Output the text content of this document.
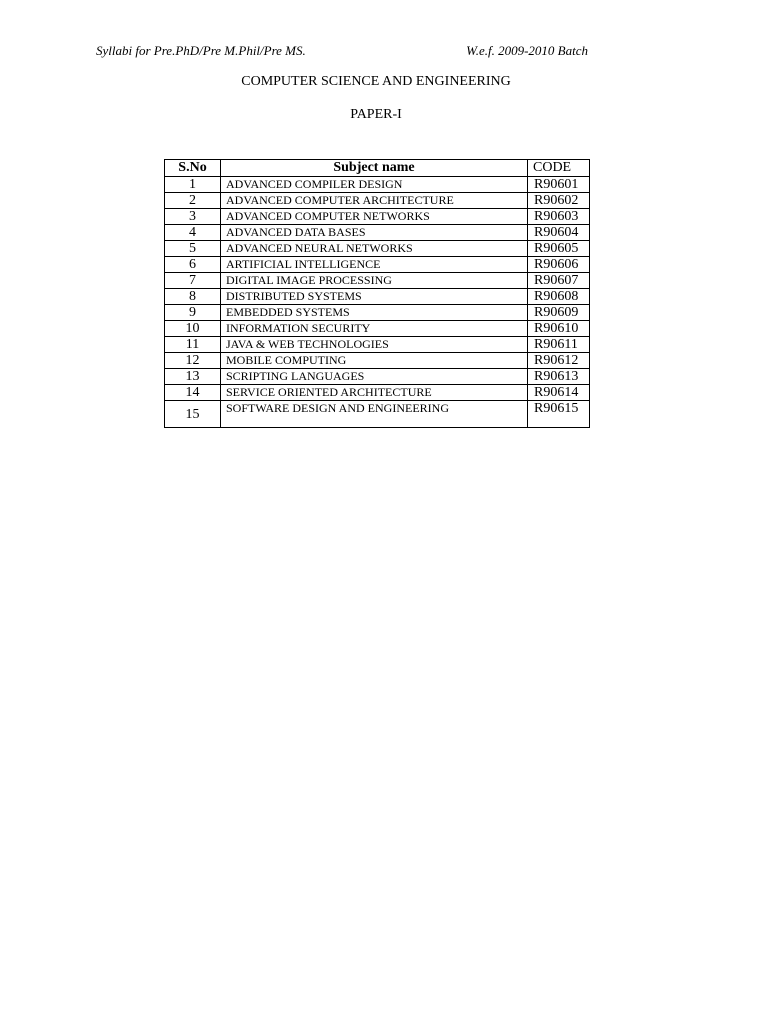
Syllabi for Pre.PhD/Pre M.Phil/Pre MS.	W.e.f. 2009-2010 Batch
COMPUTER SCIENCE AND ENGINEERING
PAPER-I
S.No	Subject name	CODE
1	ADVANCED COMPILER DESIGN	R90601
2	ADVANCED COMPUTER ARCHITECTURE	R90602
3	ADVANCED COMPUTER NETWORKS	R90603
4	ADVANCED DATA BASES	R90604
5	ADVANCED NEURAL NETWORKS	R90605
6	ARTIFICIAL INTELLIGENCE	R90606
7	DIGITAL IMAGE PROCESSING	R90607
8	DISTRIBUTED SYSTEMS	R90608
9	EMBEDDED SYSTEMS	R90609
10	INFORMATION SECURITY	R90610
11	JAVA & WEB TECHNOLOGIES	R90611
12	MOBILE COMPUTING	R90612
13	SCRIPTING LANGUAGES	R90613
14	SERVICE ORIENTED ARCHITECTURE	R90614
15	SOFTWARE DESIGN AND ENGINEERING	R90615
